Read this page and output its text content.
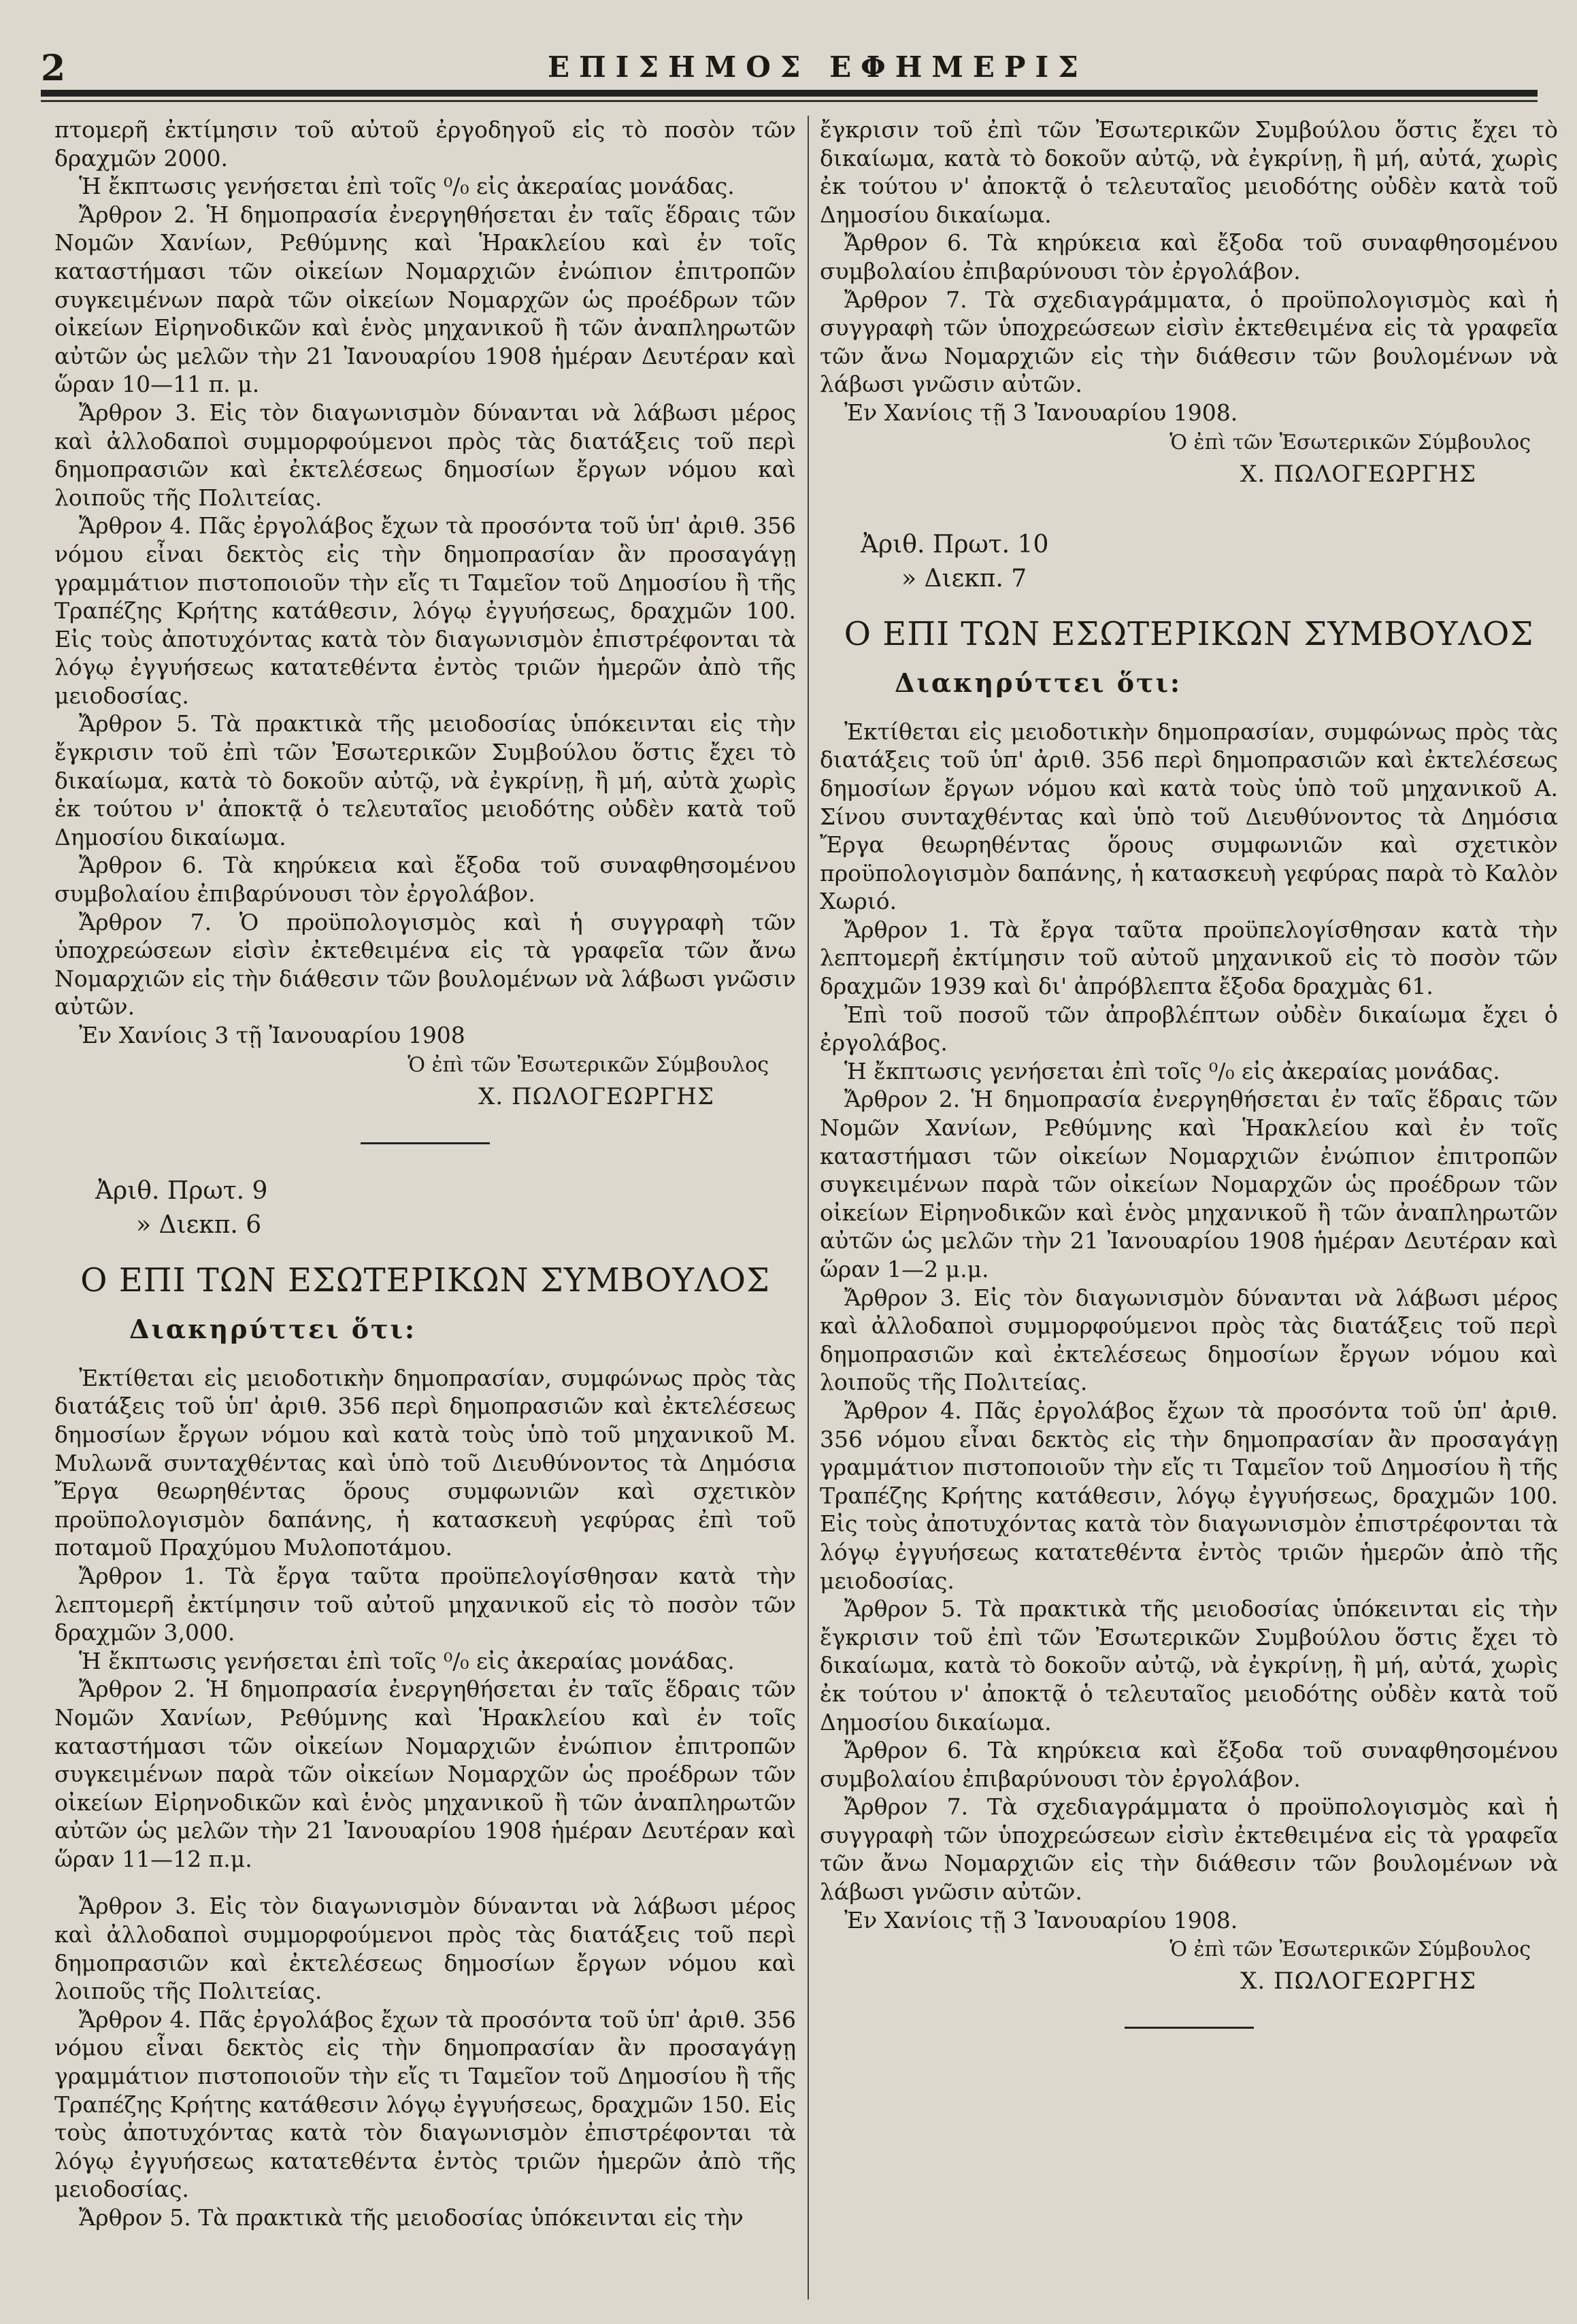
2	ΕΠΙΣΗΜΟΣ ΕΦΗΜΕΡΙΣ

πτομερῆ ἐκτίμησιν τοῦ αὐτοῦ ἐργοδηγοῦ εἰς τὸ ποσὸν τῶν δραχμῶν 2000.

Ἡ ἔκπτωσις γενήσεται ἐπὶ τοῖς ⁰/₀ εἰς ἀκεραίας μονάδας.

Ἄρθρον 2. Ἡ δημοπρασία ἐνεργηθήσεται ἐν ταῖς ἕδραις τῶν Νομῶν Χανίων, Ρεθύμνης καὶ Ἡρακλείου καὶ ἐν τοῖς καταστήμασι τῶν οἰκείων Νομαρχιῶν ἐνώπιον ἐπιτροπῶν συγκειμένων παρὰ τῶν οἰκείων Νομαρχῶν ὡς προέδρων τῶν οἰκείων Εἰρηνοδικῶν καὶ ἑνὸς μηχανικοῦ ἢ τῶν ἀναπληρωτῶν αὐτῶν ὡς μελῶν τὴν 21 Ἰανουαρίου 1908 ἡμέραν Δευτέραν καὶ ὥραν 10—11 π. μ.

Ἄρθρον 3. Εἰς τὸν διαγωνισμὸν δύνανται νὰ λάβωσι μέρος καὶ ἀλλοδαποὶ συμμορφούμενοι πρὸς τὰς διατάξεις τοῦ περὶ δημοπρασιῶν καὶ ἐκτελέσεως δημοσίων ἔργων νόμου καὶ λοιποῦς τῆς Πολιτείας.

Ἄρθρον 4. Πᾶς ἐργολάβος ἔχων τὰ προσόντα τοῦ ὑπ' ἀριθ. 356 νόμου εἶναι δεκτὸς εἰς τὴν δημοπρασίαν ἂν προσαγάγῃ γραμμάτιον πιστοποιοῦν τὴν εἴς τι Ταμεῖον τοῦ Δημοσίου ἢ τῆς Τραπέζης Κρήτης κατάθεσιν, λόγῳ ἐγγυήσεως, δραχμῶν 100. Εἰς τοὺς ἀποτυχόντας κατὰ τὸν διαγωνισμὸν ἐπιστρέφονται τὰ λόγῳ ἐγγυήσεως κατατεθέντα ἐντὸς τριῶν ἡμερῶν ἀπὸ τῆς μειοδοσίας.

Ἄρθρον 5. Τὰ πρακτικὰ τῆς μειοδοσίας ὑπόκεινται εἰς τὴν ἔγκρισιν τοῦ ἐπὶ τῶν Ἐσωτερικῶν Συμβούλου ὅστις ἔχει τὸ δικαίωμα, κατὰ τὸ δοκοῦν αὐτῷ, νὰ ἐγκρίνῃ, ἢ μή, αὐτὰ χωρὶς ἐκ τούτου ν' ἀποκτᾷ ὁ τελευταῖος μειοδότης οὐδὲν κατὰ τοῦ Δημοσίου δικαίωμα.

Ἄρθρον 6. Τὰ κηρύκεια καὶ ἔξοδα τοῦ συναφθησομένου συμβολαίου ἐπιβαρύνουσι τὸν ἐργολάβον.

Ἄρθρον 7. Ὁ προϋπολογισμὸς καὶ ἡ συγγραφὴ τῶν ὑποχρεώσεων εἰσὶν ἐκτεθειμένα εἰς τὰ γραφεῖα τῶν ἄνω Νομαρχιῶν εἰς τὴν διάθεσιν τῶν βουλομένων νὰ λάβωσι γνῶσιν αὐτῶν.

Ἐν Χανίοις 3 τῇ Ἰανουαρίου 1908

Ὁ ἐπὶ τῶν Ἐσωτερικῶν Σύμβουλος

Χ. ΠΩΛΟΓΕΩΡΓΗΣ

Ἀριθ. Πρωτ. 9

» Διεκπ. 6

Ο ΕΠΙ ΤΩΝ ΕΣΩΤΕΡΙΚΩΝ ΣΥΜΒΟΥΛΟΣ

Διακηρύττει ὅτι:

Ἐκτίθεται εἰς μειοδοτικὴν δημοπρασίαν, συμφώνως πρὸς τὰς διατάξεις τοῦ ὑπ' ἀριθ. 356 περὶ δημοπρασιῶν καὶ ἐκτελέσεως δημοσίων ἔργων νόμου καὶ κατὰ τοὺς ὑπὸ τοῦ μηχανικοῦ Μ. Μυλωνᾶ συνταχθέντας καὶ ὑπὸ τοῦ Διευθύνοντος τὰ Δημόσια Ἔργα θεωρηθέντας ὅρους συμφωνιῶν καὶ σχετικὸν προϋπολογισμὸν δαπάνης, ἡ κατασκευὴ γεφύρας ἐπὶ τοῦ ποταμοῦ Πραχύμου Μυλοποτάμου.

Ἄρθρον 1. Τὰ ἔργα ταῦτα προϋπελογίσθησαν κατὰ τὴν λεπτομερῆ ἐκτίμησιν τοῦ αὐτοῦ μηχανικοῦ εἰς τὸ ποσὸν τῶν δραχμῶν 3,000.

Ἡ ἔκπτωσις γενήσεται ἐπὶ τοῖς ⁰/₀ εἰς ἀκεραίας μονάδας.

Ἄρθρον 2. Ἡ δημοπρασία ἐνεργηθήσεται ἐν ταῖς ἕδραις τῶν Νομῶν Χανίων, Ρεθύμνης καὶ Ἡρακλείου καὶ ἐν τοῖς καταστήμασι τῶν οἰκείων Νομαρχιῶν ἐνώπιον ἐπιτροπῶν συγκειμένων παρὰ τῶν οἰκείων Νομαρχῶν ὡς προέδρων τῶν οἰκείων Εἰρηνοδικῶν καὶ ἑνὸς μηχανικοῦ ἢ τῶν ἀναπληρωτῶν αὐτῶν ὡς μελῶν τὴν 21 Ἰανουαρίου 1908 ἡμέραν Δευτέραν καὶ ὥραν 11—12 π.μ.

Ἄρθρον 3. Εἰς τὸν διαγωνισμὸν δύνανται νὰ λάβωσι μέρος καὶ ἀλλοδαποὶ συμμορφούμενοι πρὸς τὰς διατάξεις τοῦ περὶ δημοπρασιῶν καὶ ἐκτελέσεως δημοσίων ἔργων νόμου καὶ λοιποῦς τῆς Πολιτείας.

Ἄρθρον 4. Πᾶς ἐργολάβος ἔχων τὰ προσόντα τοῦ ὑπ' ἀριθ. 356 νόμου εἶναι δεκτὸς εἰς τὴν δημοπρασίαν ἂν προσαγάγῃ γραμμάτιον πιστοποιοῦν τὴν εἴς τι Ταμεῖον τοῦ Δημοσίου ἢ τῆς Τραπέζης Κρήτης κατάθεσιν λόγῳ ἐγγυήσεως, δραχμῶν 150. Εἰς τοὺς ἀποτυχόντας κατὰ τὸν διαγωνισμὸν ἐπιστρέφονται τὰ λόγῳ ἐγγυήσεως κατατεθέντα ἐντὸς τριῶν ἡμερῶν ἀπὸ τῆς μειοδοσίας.

Ἄρθρον 5. Τὰ πρακτικὰ τῆς μειοδοσίας ὑπόκεινται εἰς τὴν

ἔγκρισιν τοῦ ἐπὶ τῶν Ἐσωτερικῶν Συμβούλου ὅστις ἔχει τὸ δικαίωμα, κατὰ τὸ δοκοῦν αὐτῷ, νὰ ἐγκρίνῃ, ἢ μή, αὐτά, χωρὶς ἐκ τούτου ν' ἀποκτᾷ ὁ τελευταῖος μειοδότης οὐδὲν κατὰ τοῦ Δημοσίου δικαίωμα.

Ἄρθρον 6. Τὰ κηρύκεια καὶ ἔξοδα τοῦ συναφθησομένου συμβολαίου ἐπιβαρύνουσι τὸν ἐργολάβον.

Ἄρθρον 7. Τὰ σχεδιαγράμματα, ὁ προϋπολογισμὸς καὶ ἡ συγγραφὴ τῶν ὑποχρεώσεων εἰσὶν ἐκτεθειμένα εἰς τὰ γραφεῖα τῶν ἄνω Νομαρχιῶν εἰς τὴν διάθεσιν τῶν βουλομένων νὰ λάβωσι γνῶσιν αὐτῶν.

Ἐν Χανίοις τῇ 3 Ἰανουαρίου 1908.

Ὁ ἐπὶ τῶν Ἐσωτερικῶν Σύμβουλος

Χ. ΠΩΛΟΓΕΩΡΓΗΣ

Ἀριθ. Πρωτ. 10

» Διεκπ. 7

Ο ΕΠΙ ΤΩΝ ΕΣΩΤΕΡΙΚΩΝ ΣΥΜΒΟΥΛΟΣ

Διακηρύττει ὅτι:

Ἐκτίθεται εἰς μειοδοτικὴν δημοπρασίαν, συμφώνως πρὸς τὰς διατάξεις τοῦ ὑπ' ἀριθ. 356 περὶ δημοπρασιῶν καὶ ἐκτελέσεως δημοσίων ἔργων νόμου καὶ κατὰ τοὺς ὑπὸ τοῦ μηχανικοῦ Α. Σίνου συνταχθέντας καὶ ὑπὸ τοῦ Διευθύνοντος τὰ Δημόσια Ἔργα θεωρηθέντας ὅρους συμφωνιῶν καὶ σχετικὸν προϋπολογισμὸν δαπάνης, ἡ κατασκευὴ γεφύρας παρὰ τὸ Καλὸν Χωριό.

Ἄρθρον 1. Τὰ ἔργα ταῦτα προϋπελογίσθησαν κατὰ τὴν λεπτομερῆ ἐκτίμησιν τοῦ αὐτοῦ μηχανικοῦ εἰς τὸ ποσὸν τῶν δραχμῶν 1939 καὶ δι' ἀπρόβλεπτα ἔξοδα δραχμὰς 61.

Ἐπὶ τοῦ ποσοῦ τῶν ἀπροβλέπτων οὐδὲν δικαίωμα ἔχει ὁ ἐργολάβος.

Ἡ ἔκπτωσις γενήσεται ἐπὶ τοῖς ⁰/₀ εἰς ἀκεραίας μονάδας.

Ἄρθρον 2. Ἡ δημοπρασία ἐνεργηθήσεται ἐν ταῖς ἕδραις τῶν Νομῶν Χανίων, Ρεθύμνης καὶ Ἡρακλείου καὶ ἐν τοῖς καταστήμασι τῶν οἰκείων Νομαρχιῶν ἐνώπιον ἐπιτροπῶν συγκειμένων παρὰ τῶν οἰκείων Νομαρχῶν ὡς προέδρων τῶν οἰκείων Εἰρηνοδικῶν καὶ ἑνὸς μηχανικοῦ ἢ τῶν ἀναπληρωτῶν αὐτῶν ὡς μελῶν τὴν 21 Ἰανουαρίου 1908 ἡμέραν Δευτέραν καὶ ὥραν 1—2 μ.μ.

Ἄρθρον 3. Εἰς τὸν διαγωνισμὸν δύνανται νὰ λάβωσι μέρος καὶ ἀλλοδαποὶ συμμορφούμενοι πρὸς τὰς διατάξεις τοῦ περὶ δημοπρασιῶν καὶ ἐκτελέσεως δημοσίων ἔργων νόμου καὶ λοιποῦς τῆς Πολιτείας.

Ἄρθρον 4. Πᾶς ἐργολάβος ἔχων τὰ προσόντα τοῦ ὑπ' ἀριθ. 356 νόμου εἶναι δεκτὸς εἰς τὴν δημοπρασίαν ἂν προσαγάγῃ γραμμάτιον πιστοποιοῦν τὴν εἴς τι Ταμεῖον τοῦ Δημοσίου ἢ τῆς Τραπέζης Κρήτης κατάθεσιν, λόγῳ ἐγγυήσεως, δραχμῶν 100. Εἰς τοὺς ἀποτυχόντας κατὰ τὸν διαγωνισμὸν ἐπιστρέφονται τὰ λόγῳ ἐγγυήσεως κατατεθέντα ἐντὸς τριῶν ἡμερῶν ἀπὸ τῆς μειοδοσίας.

Ἄρθρον 5. Τὰ πρακτικὰ τῆς μειοδοσίας ὑπόκεινται εἰς τὴν ἔγκρισιν τοῦ ἐπὶ τῶν Ἐσωτερικῶν Συμβούλου ὅστις ἔχει τὸ δικαίωμα, κατὰ τὸ δοκοῦν αὐτῷ, νὰ ἐγκρίνῃ, ἢ μή, αὐτά, χωρὶς ἐκ τούτου ν' ἀποκτᾷ ὁ τελευταῖος μειοδότης οὐδὲν κατὰ τοῦ Δημοσίου δικαίωμα.

Ἄρθρον 6. Τὰ κηρύκεια καὶ ἔξοδα τοῦ συναφθησομένου συμβολαίου ἐπιβαρύνουσι τὸν ἐργολάβον.

Ἄρθρον 7. Τὰ σχεδιαγράμματα ὁ προϋπολογισμὸς καὶ ἡ συγγραφὴ τῶν ὑποχρεώσεων εἰσὶν ἐκτεθειμένα εἰς τὰ γραφεῖα τῶν ἄνω Νομαρχιῶν εἰς τὴν διάθεσιν τῶν βουλομένων νὰ λάβωσι γνῶσιν αὐτῶν.

Ἐν Χανίοις τῇ 3 Ἰανουαρίου 1908.

Ὁ ἐπὶ τῶν Ἐσωτερικῶν Σύμβουλος

Χ. ΠΩΛΟΓΕΩΡΓΗΣ
